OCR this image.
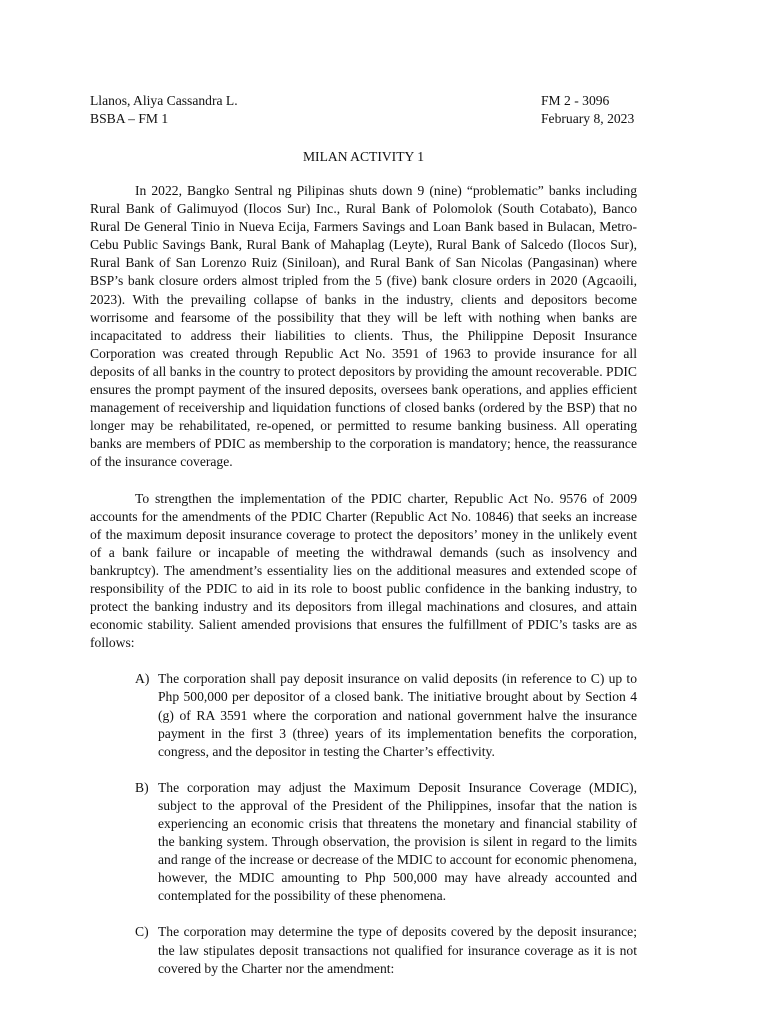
Llanos, Aliya Cassandra L.
BSBA – FM 1
FM 2 - 3096
February 8, 2023
MILAN ACTIVITY 1

In 2022, Bangko Sentral ng Pilipinas shuts down 9 (nine) “problematic” banks including Rural Bank of Galimuyod (Ilocos Sur) Inc., Rural Bank of Polomolok (South Cotabato), Banco Rural De General Tinio in Nueva Ecija, Farmers Savings and Loan Bank based in Bulacan, Metro-Cebu Public Savings Bank, Rural Bank of Mahaplag (Leyte), Rural Bank of Salcedo (Ilocos Sur), Rural Bank of San Lorenzo Ruiz (Siniloan), and Rural Bank of San Nicolas (Pangasinan) where BSP’s bank closure orders almost tripled from the 5 (five) bank closure orders in 2020 (Agcaoili, 2023). With the prevailing collapse of banks in the industry, clients and depositors become worrisome and fearsome of the possibility that they will be left with nothing when banks are incapacitated to address their liabilities to clients. Thus, the Philippine Deposit Insurance Corporation was created through Republic Act No. 3591 of 1963 to provide insurance for all deposits of all banks in the country to protect depositors by providing the amount recoverable. PDIC ensures the prompt payment of the insured deposits, oversees bank operations, and applies efficient management of receivership and liquidation functions of closed banks (ordered by the BSP) that no longer may be rehabilitated, re-opened, or permitted to resume banking business. All operating banks are members of PDIC as membership to the corporation is mandatory; hence, the reassurance of the insurance coverage.

To strengthen the implementation of the PDIC charter, Republic Act No. 9576 of 2009 accounts for the amendments of the PDIC Charter (Republic Act No. 10846) that seeks an increase of the maximum deposit insurance coverage to protect the depositors’ money in the unlikely event of a bank failure or incapable of meeting the withdrawal demands (such as insolvency and bankruptcy). The amendment’s essentiality lies on the additional measures and extended scope of responsibility of the PDIC to aid in its role to boost public confidence in the banking industry, to protect the banking industry and its depositors from illegal machinations and closures, and attain economic stability. Salient amended provisions that ensures the fulfillment of PDIC’s tasks are as follows:

A) The corporation shall pay deposit insurance on valid deposits (in reference to C) up to Php 500,000 per depositor of a closed bank. The initiative brought about by Section 4 (g) of RA 3591 where the corporation and national government halve the insurance payment in the first 3 (three) years of its implementation benefits the corporation, congress, and the depositor in testing the Charter’s effectivity.
B) The corporation may adjust the Maximum Deposit Insurance Coverage (MDIC), subject to the approval of the President of the Philippines, insofar that the nation is experiencing an economic crisis that threatens the monetary and financial stability of the banking system. Through observation, the provision is silent in regard to the limits and range of the increase or decrease of the MDIC to account for economic phenomena, however, the MDIC amounting to Php 500,000 may have already accounted and contemplated for the possibility of these phenomena.
C) The corporation may determine the type of deposits covered by the deposit insurance; the law stipulates deposit transactions not qualified for insurance coverage as it is not covered by the Charter nor the amendment:
